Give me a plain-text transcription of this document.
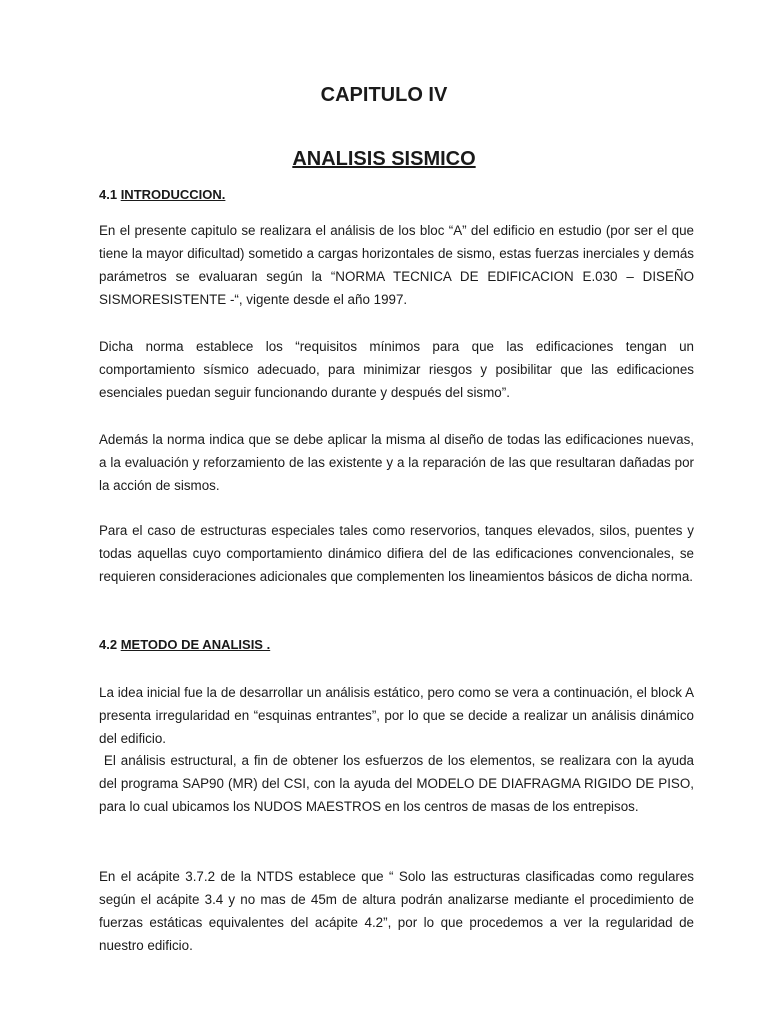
CAPITULO IV
ANALISIS SISMICO
4.1 INTRODUCCION.

En el presente capitulo se realizara el análisis de los bloc “A” del edificio en estudio (por ser el que tiene la mayor dificultad) sometido a cargas horizontales de sismo, estas fuerzas inerciales y demás parámetros se evaluaran según la “NORMA TECNICA DE EDIFICACION E.030 – DISEÑO SISMORESISTENTE -“, vigente desde el año 1997.

Dicha norma establece los “requisitos mínimos para que las edificaciones tengan un comportamiento sísmico adecuado, para minimizar riesgos y posibilitar que las edificaciones esenciales puedan seguir funcionando durante y después del sismo”.

Además la norma indica que se debe aplicar la misma al diseño de todas las edificaciones nuevas, a la evaluación y reforzamiento de las existente y a la reparación de las que resultaran dañadas por la acción de sismos.

Para el caso de estructuras especiales tales como reservorios, tanques elevados, silos, puentes y todas aquellas cuyo comportamiento dinámico difiera del de las edificaciones convencionales, se requieren consideraciones adicionales que complementen los lineamientos básicos de dicha norma.

4.2 METODO DE ANALISIS .

La idea inicial fue la de desarrollar un análisis estático, pero como se vera a continuación, el block A presenta irregularidad en “esquinas entrantes”, por lo que se decide a realizar un análisis dinámico del edificio.

El análisis estructural, a fin de obtener los esfuerzos de los elementos, se realizara con la ayuda del programa SAP90 (MR) del CSI, con la ayuda del MODELO DE DIAFRAGMA RIGIDO DE PISO, para lo cual ubicamos los NUDOS MAESTROS en los centros de masas de los entrepisos.

En el acápite 3.7.2 de la NTDS establece que “ Solo las estructuras clasificadas como regulares según el acápite 3.4 y no mas de 45m de altura podrán analizarse mediante el procedimiento de fuerzas estáticas equivalentes del acápite 4.2”, por lo que procedemos a ver la regularidad de nuestro edificio.
